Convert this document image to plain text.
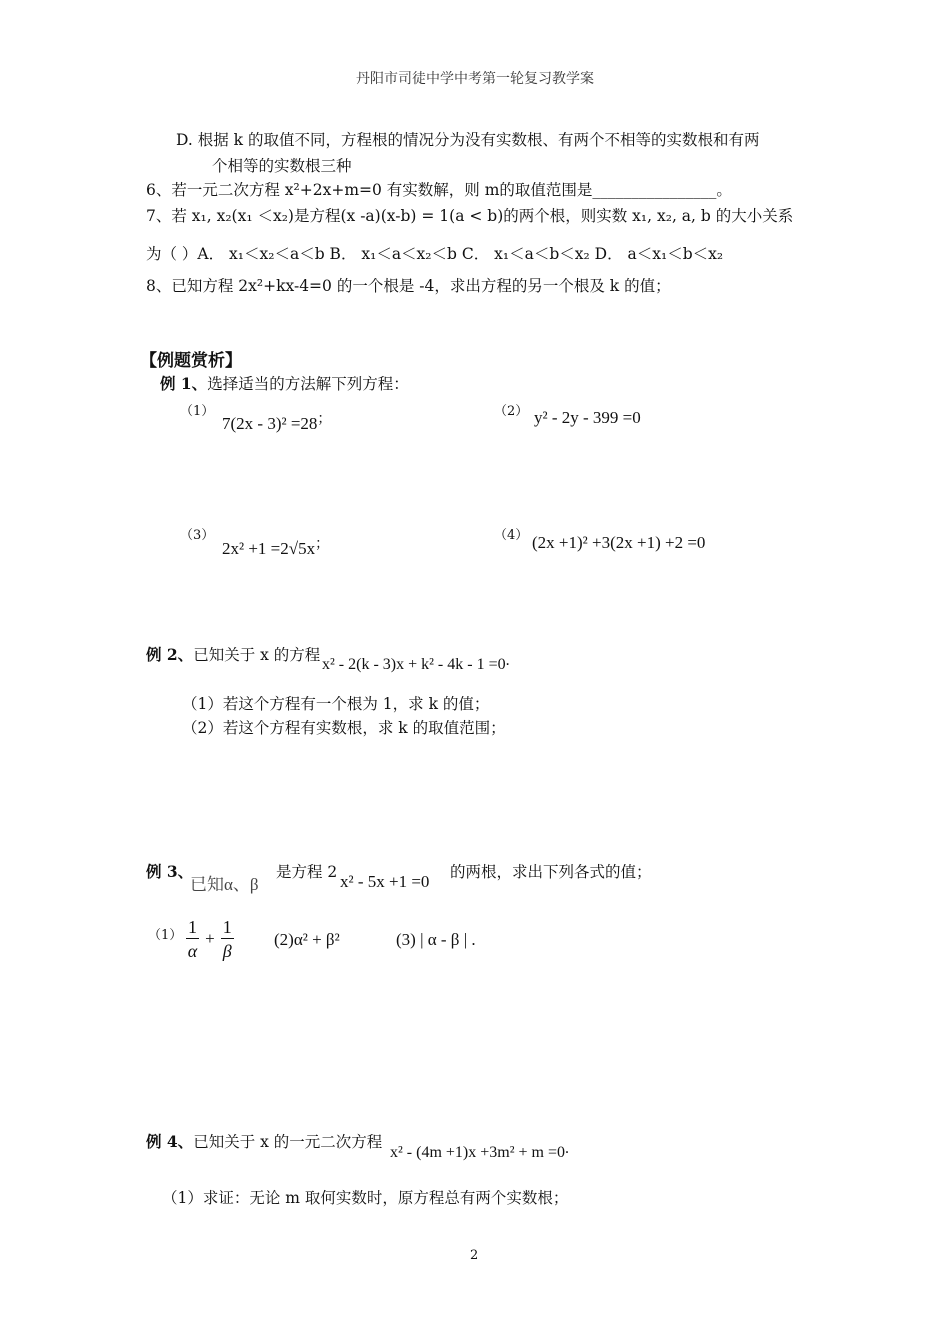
丹阳市司徒中学中考第一轮复习教学案
D. 根据 k 的取值不同，方程根的情况分为没有实数根、有两个不相等的实数根和有两
个相等的实数根三种
6、若一元二次方程 x²+2x+m=0 有实数解，则 m的取值范围是________________。
7、若 x₁, x₂(x₁ ＜x₂)是方程(x -a)(x-b) = 1(a < b)的两个根，则实数 x₁, x₂, a, b 的大小关系
为（ ）A． x₁＜x₂＜a＜b B． x₁＜a＜x₂＜b C． x₁＜a＜b＜x₂ D． a＜x₁＜b＜x₂
8、已知方程 2x²+kx-4=0 的一个根是 -4，求出方程的另一个根及 k 的值；
【例题赏析】
例 1、选择适当的方法解下列方程：
（1）
7(2x - 3)² =28；
（2） y² - 2y - 399 =0
（3）
2x² +1 =2√5x；
（4） (2x +1)² +3(2x +1) +2 =0
例 2、已知关于 x 的方程
x² - 2(k - 3)x + k² - 4k - 1 =0.
（1）若这个方程有一个根为 1，求 k 的值；
（2）若这个方程有实数根，求 k 的取值范围；
例 3、
已知α、β
是方程 2 x² - 5x +1 =0 的两根，求出下列各式的值；
$(1) \frac{1}{\alpha} + \frac{1}{\beta} (2)\alpha^2 + \beta^2$	(3) | α - β | .
例 4、已知关于 x 的一元二次方程
x² - (4m +1)x +3m² + m =0.
（1）求证：无论 m 取何实数时，原方程总有两个实数根；
2
